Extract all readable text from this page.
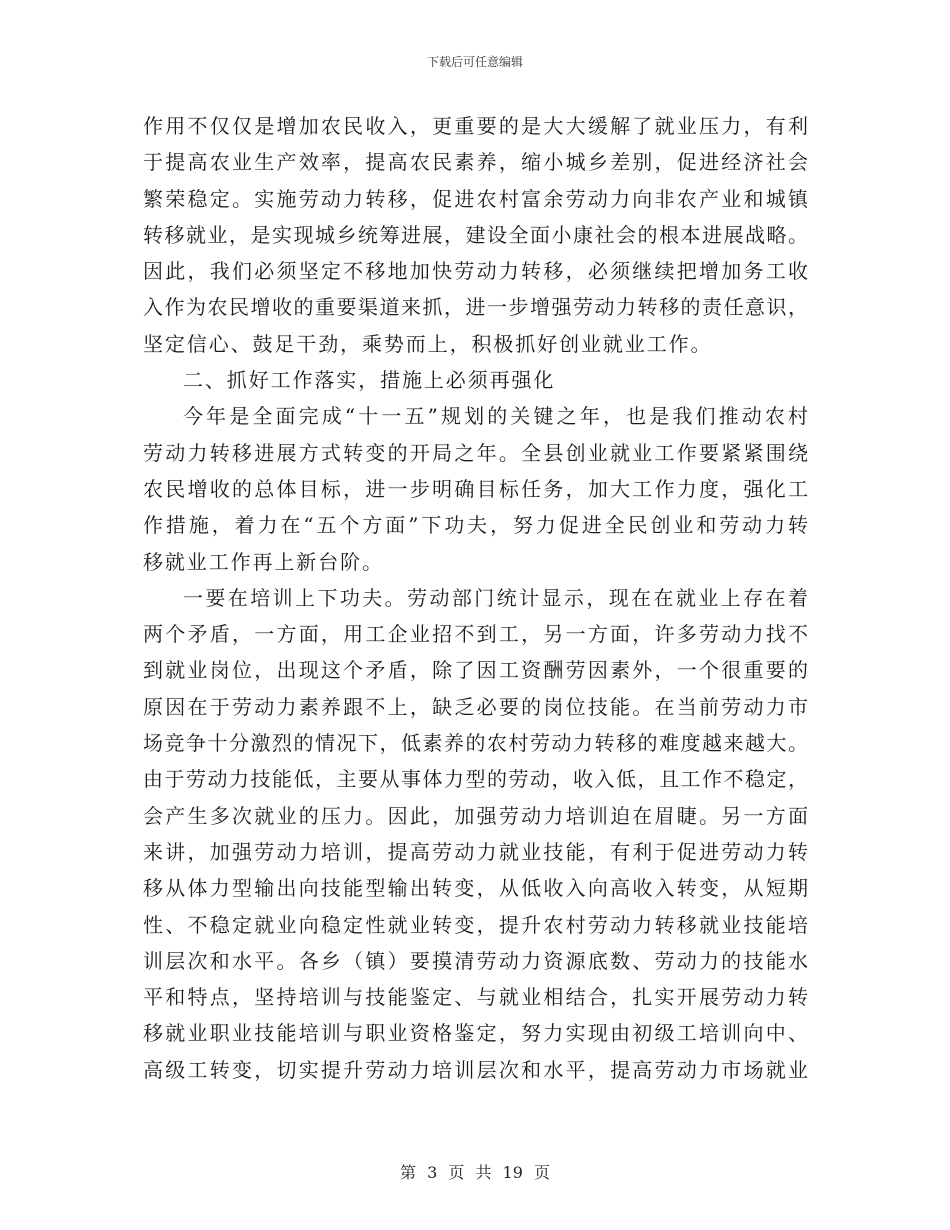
下载后可任意编辑
作用不仅仅是增加农民收入，更重要的是大大缓解了就业压力，有利
于提高农业生产效率，提高农民素养，缩小城乡差别，促进经济社会
繁荣稳定。实施劳动力转移，促进农村富余劳动力向非农产业和城镇
转移就业，是实现城乡统筹进展，建设全面小康社会的根本进展战略。
因此，我们必须坚定不移地加快劳动力转移，必须继续把增加务工收
入作为农民增收的重要渠道来抓，进一步增强劳动力转移的责任意识，
坚定信心、鼓足干劲，乘势而上，积极抓好创业就业工作。
二、抓好工作落实，措施上必须再强化
今年是全面完成“十一五”规划的关键之年，也是我们推动农村
劳动力转移进展方式转变的开局之年。全县创业就业工作要紧紧围绕
农民增收的总体目标，进一步明确目标任务，加大工作力度，强化工
作措施，着力在“五个方面”下功夫，努力促进全民创业和劳动力转
移就业工作再上新台阶。
一要在培训上下功夫。劳动部门统计显示，现在在就业上存在着
两个矛盾，一方面，用工企业招不到工，另一方面，许多劳动力找不
到就业岗位，出现这个矛盾，除了因工资酬劳因素外，一个很重要的
原因在于劳动力素养跟不上，缺乏必要的岗位技能。在当前劳动力市
场竞争十分激烈的情况下，低素养的农村劳动力转移的难度越来越大。
由于劳动力技能低，主要从事体力型的劳动，收入低，且工作不稳定，
会产生多次就业的压力。因此，加强劳动力培训迫在眉睫。另一方面
来讲，加强劳动力培训，提高劳动力就业技能，有利于促进劳动力转
移从体力型输出向技能型输出转变，从低收入向高收入转变，从短期
性、不稳定就业向稳定性就业转变，提升农村劳动力转移就业技能培
训层次和水平。各乡（镇）要摸清劳动力资源底数、劳动力的技能水
平和特点，坚持培训与技能鉴定、与就业相结合，扎实开展劳动力转
移就业职业技能培训与职业资格鉴定，努力实现由初级工培训向中、
高级工转变，切实提升劳动力培训层次和水平，提高劳动力市场就业
第 3 页 共 19 页
